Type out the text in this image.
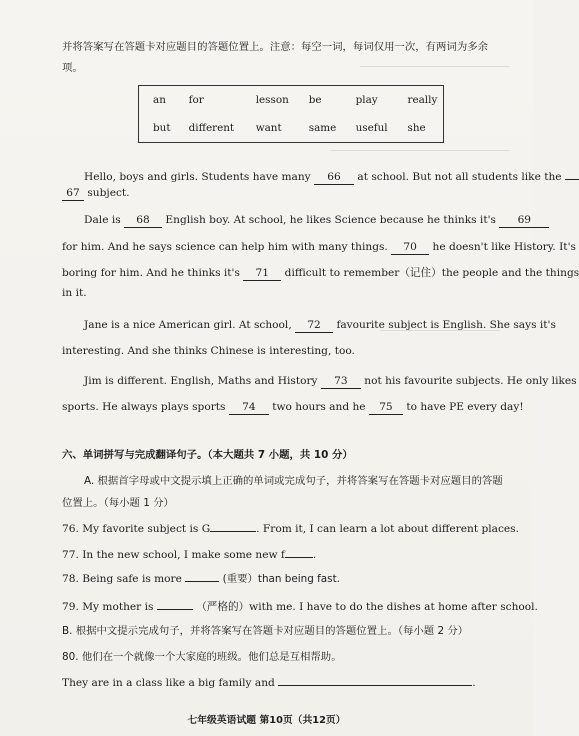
并将答案写在答题卡对应题目的答题位置上。注意：每空一词，每词仅用一次，有两词为多余
项。
an	for	lesson	be	play	really
but	different	want	same	useful	she
Hello, boys and girls. Students have many 66 at school. But not all students like the
67 subject.
Dale is 68 English boy. At school, he likes Science because he thinks it's 69
for him. And he says science can help him with many things. 70 he doesn't like History. It's
boring for him. And he thinks it's 71 difficult to remember（记住）the people and the things
in it.
Jane is a nice American girl. At school, 72 favourite subject is English. She says it's
interesting. And she thinks Chinese is interesting, too.
Jim is different. English, Maths and History 73 not his favourite subjects. He only likes
sports. He always plays sports 74 two hours and he 75 to have PE every day!
六、单词拼写与完成翻译句子。（本大题共 7 小题，共 10 分）
A. 根据首字母或中文提示填上正确的单词或完成句子，并将答案写在答题卡对应题目的答题
位置上。（每小题 1 分）
76. My favorite subject is G	. From it, I can learn a lot about different places.
77. In the new school, I make some new f	.
78. Being safe is more	(重要）than being fast.
79. My mother is	（严格的）with me. I have to do the dishes at home after school.
B. 根据中文提示完成句子，并将答案写在答题卡对应题目的答题位置上。（每小题 2 分）
80. 他们在一个就像一个大家庭的班级。他们总是互相帮助。
They are in a class like a big family and	.
七年级英语试题 第10页（共12页）
